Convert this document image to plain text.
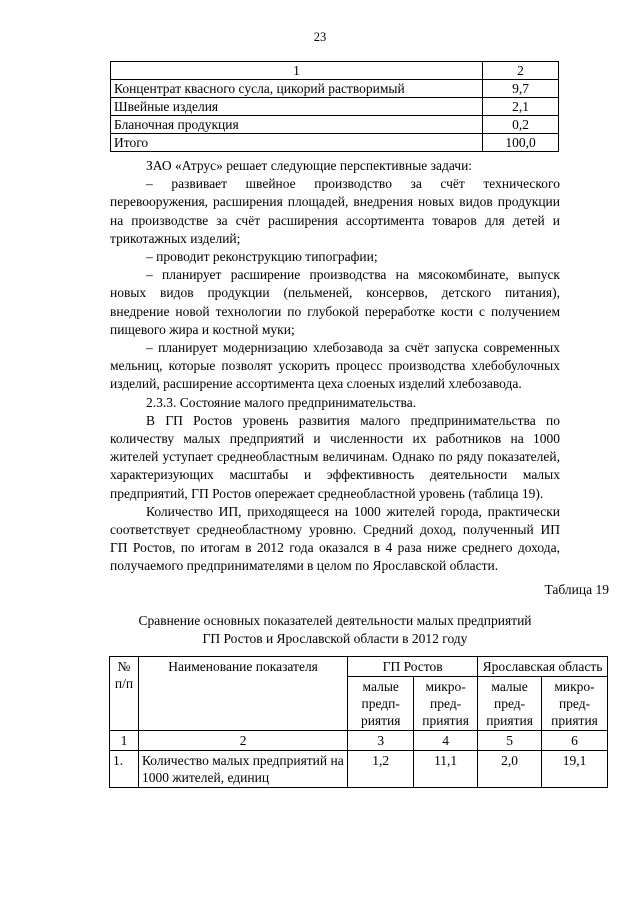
23
1	2
Концентрат квасного сусла, цикорий растворимый	9,7
Швейные изделия	2,1
Бланочная продукция	0,2
Итого	100,0

ЗАО «Атрус» решает следующие перспективные задачи:

– развивает швейное производство за счёт технического перевооружения, расширения площадей, внедрения новых видов продукции на производстве за счёт расширения ассортимента товаров для детей и трикотажных изделий;

– проводит реконструкцию типографии;

– планирует расширение производства на мясокомбинате, выпуск новых видов продукции (пельменей, консервов, детского питания), внедрение новой технологии по глубокой переработке кости с получением пищевого жира и костной муки;

– планирует модернизацию хлебозавода за счёт запуска современных мельниц, которые позволят ускорить процесс производства хлебобулочных изделий, расширение ассортимента цеха слоеных изделий хлебозавода.

2.3.3. Состояние малого предпринимательства.

В ГП Ростов уровень развития малого предпринимательства по количеству малых предприятий и численности их работников на 1000 жителей уступает среднеобластным величинам. Однако по ряду показателей, характеризующих масштабы и эффективность деятельности малых предприятий, ГП Ростов опережает среднеобластной уровень (таблица 19).

Количество ИП, приходящееся на 1000 жителей города, практически соответствует среднеобластному уровню. Средний доход, полученный ИП ГП Ростов, по итогам в 2012 года оказался в 4 раза ниже среднего дохода, получаемого предпринимателями в целом по Ярославской области.

Таблица 19
Сравнение основных показателей деятельности малых предприятий
ГП Ростов и Ярославской области в 2012 году
№ п/п	Наименование показателя	ГП Ростов		Ярославская область	
		малые предп-риятия	микро-пред-приятия	малые пред-приятия	микро-пред-приятия
1	2	3	4	5	6
1.	Количество малых предприятий на 1000 жителей, единиц	1,2	11,1	2,0	19,1
